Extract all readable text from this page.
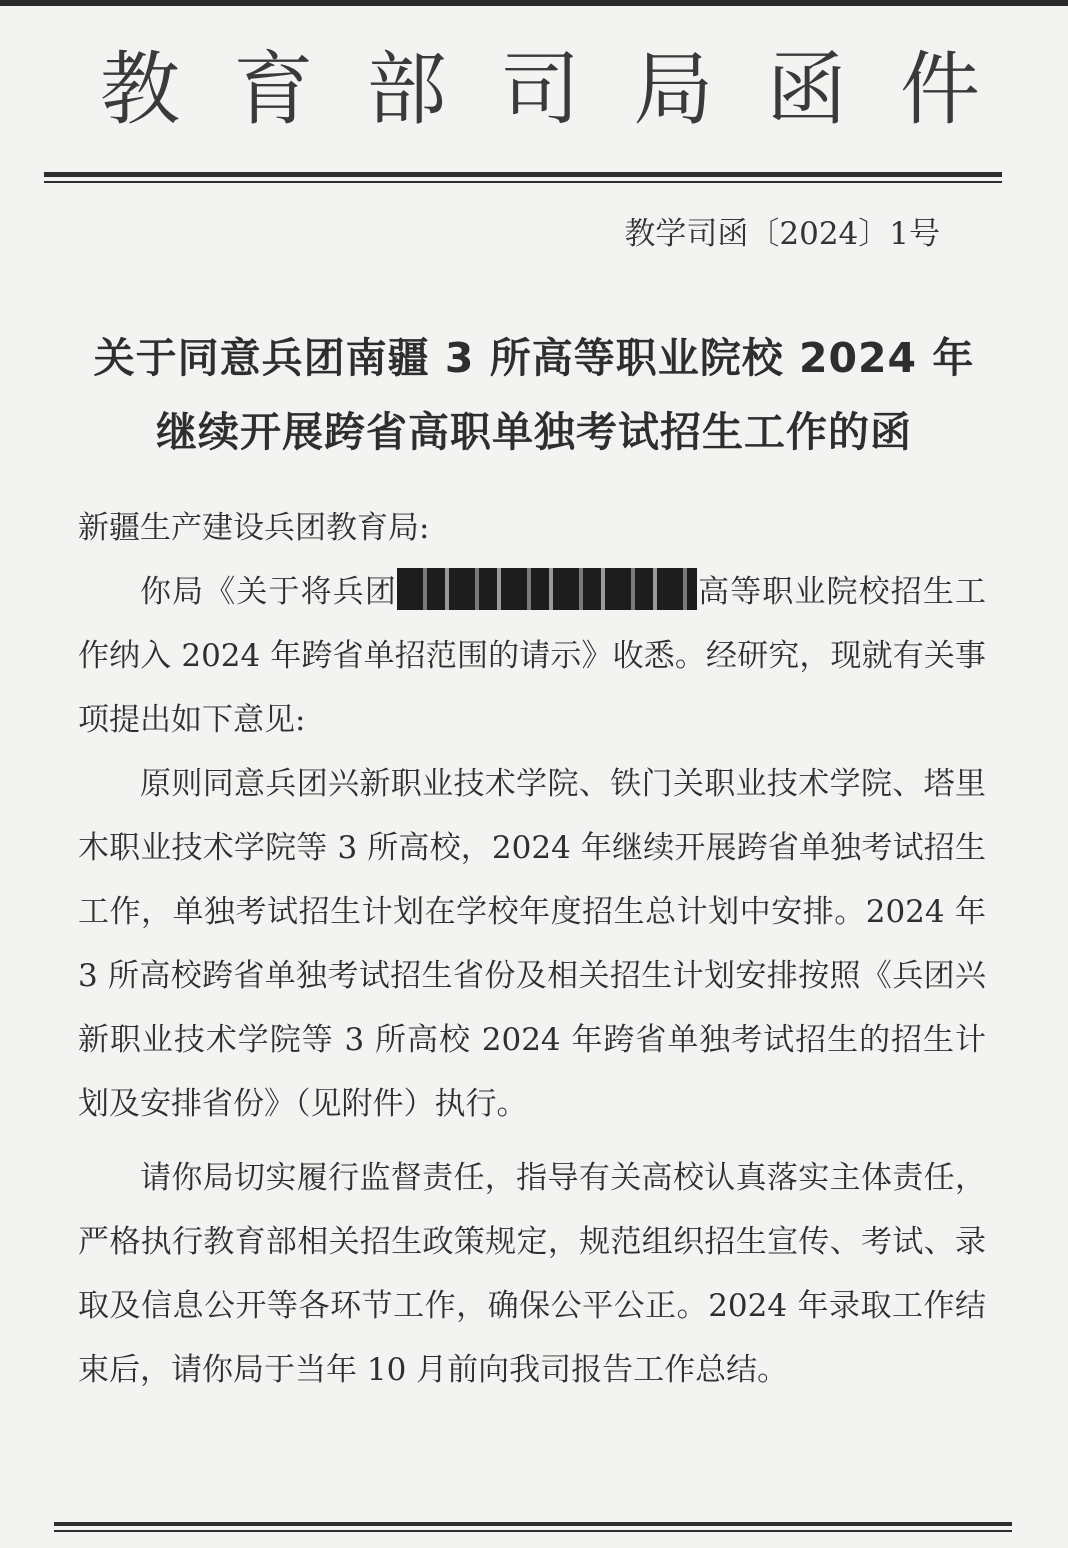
教 育 部 司 局 函 件
教学司函〔2024〕1号
关于同意兵团南疆 3 所高等职业院校 2024 年
继续开展跨省高职单独考试招生工作的函

新疆生产建设兵团教育局:

你局《关于将兵团	高等职业院校招生工作纳入 2024 年跨省单招范围的请示》收悉。经研究，现就有关事项提出如下意见:

原则同意兵团兴新职业技术学院、铁门关职业技术学院、塔里木职业技术学院等 3 所高校，2024 年继续开展跨省单独考试招生工作，单独考试招生计划在学校年度招生总计划中安排。2024 年 3 所高校跨省单独考试招生省份及相关招生计划安排按照《兵团兴新职业技术学院等 3 所高校 2024 年跨省单独考试招生的招生计划及安排省份》（见附件）执行。

请你局切实履行监督责任，指导有关高校认真落实主体责任，严格执行教育部相关招生政策规定，规范组织招生宣传、考试、录取及信息公开等各环节工作，确保公平公正。2024 年录取工作结束后，请你局于当年 10 月前向我司报告工作总结。
